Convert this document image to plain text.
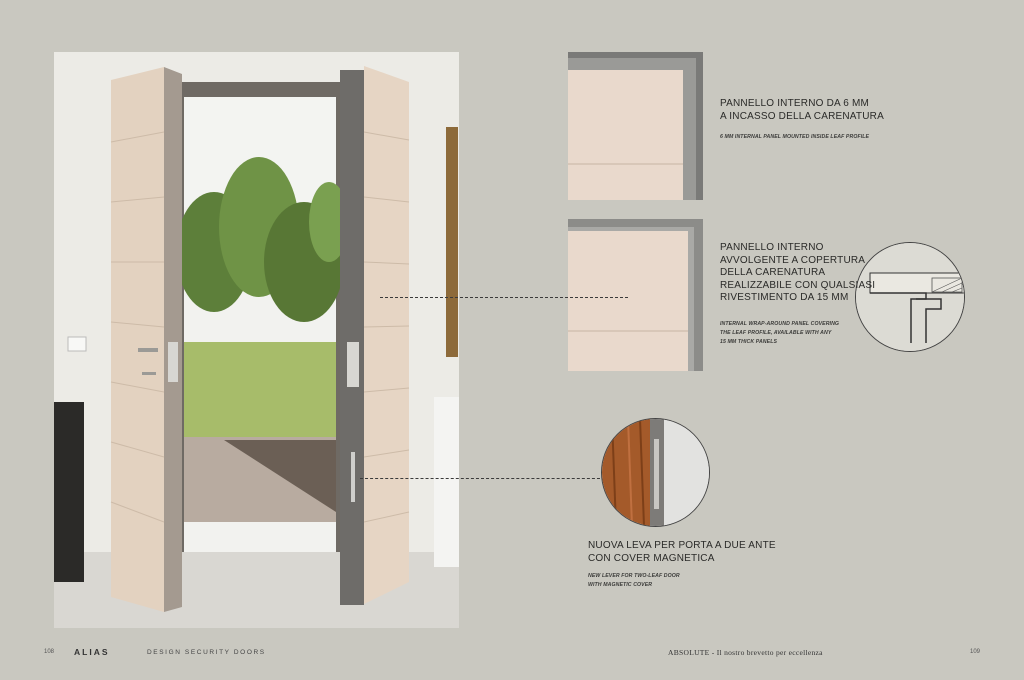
PANNELLO INTERNO DA 6 MM
A INCASSO DELLA CARENATURA
6 MM INTERNAL PANEL MOUNTED INSIDE LEAF PROFILE
PANNELLO INTERNO
AVVOLGENTE A COPERTURA
DELLA CARENATURA
REALIZZABILE CON QUALSIASI
RIVESTIMENTO DA 15 MM
INTERNAL WRAP-AROUND PANEL COVERING
THE LEAF PROFILE, AVAILABLE WITH ANY
15 MM THICK PANELS
NUOVA LEVA PER PORTA A DUE ANTE
CON COVER MAGNETICA
NEW LEVER FOR TWO-LEAF DOOR
WITH MAGNETIC COVER
108 ALIAS	DESIGN SECURITY DOORS	ABSOLUTE - Il nostro brevetto per eccellenza	109
